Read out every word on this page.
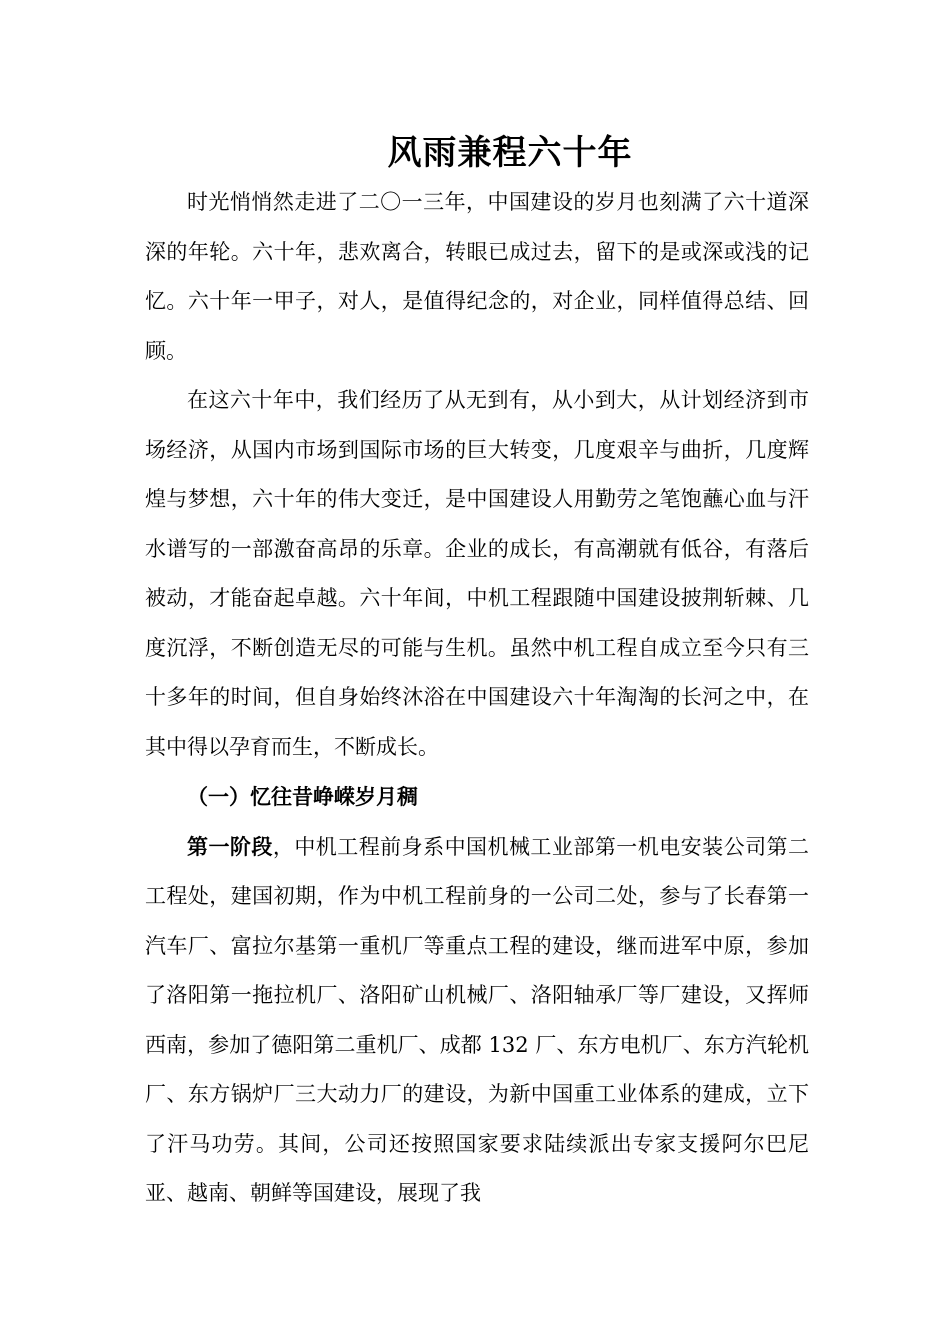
风雨兼程六十年

时光悄悄然走进了二〇一三年，中国建设的岁月也刻满了六十道深深的年轮。六十年，悲欢离合，转眼已成过去，留下的是或深或浅的记忆。六十年一甲子，对人，是值得纪念的，对企业，同样值得总结、回顾。

在这六十年中，我们经历了从无到有，从小到大，从计划经济到市场经济，从国内市场到国际市场的巨大转变，几度艰辛与曲折，几度辉煌与梦想，六十年的伟大变迁，是中国建设人用勤劳之笔饱蘸心血与汗水谱写的一部激奋高昂的乐章。企业的成长，有高潮就有低谷，有落后被动，才能奋起卓越。六十年间，中机工程跟随中国建设披荆斩棘、几度沉浮，不断创造无尽的可能与生机。虽然中机工程自成立至今只有三十多年的时间，但自身始终沐浴在中国建设六十年淘淘的长河之中，在其中得以孕育而生，不断成长。

（一）忆往昔峥嵘岁月稠

第一阶段，中机工程前身系中国机械工业部第一机电安装公司第二工程处，建国初期，作为中机工程前身的一公司二处，参与了长春第一汽车厂、富拉尔基第一重机厂等重点工程的建设，继而进军中原，参加了洛阳第一拖拉机厂、洛阳矿山机械厂、洛阳轴承厂等厂建设，又挥师西南，参加了德阳第二重机厂、成都 132 厂、东方电机厂、东方汽轮机厂、东方锅炉厂三大动力厂的建设，为新中国重工业体系的建成，立下了汗马功劳。其间，公司还按照国家要求陆续派出专家支援阿尔巴尼亚、越南、朝鲜等国建设，展现了我
